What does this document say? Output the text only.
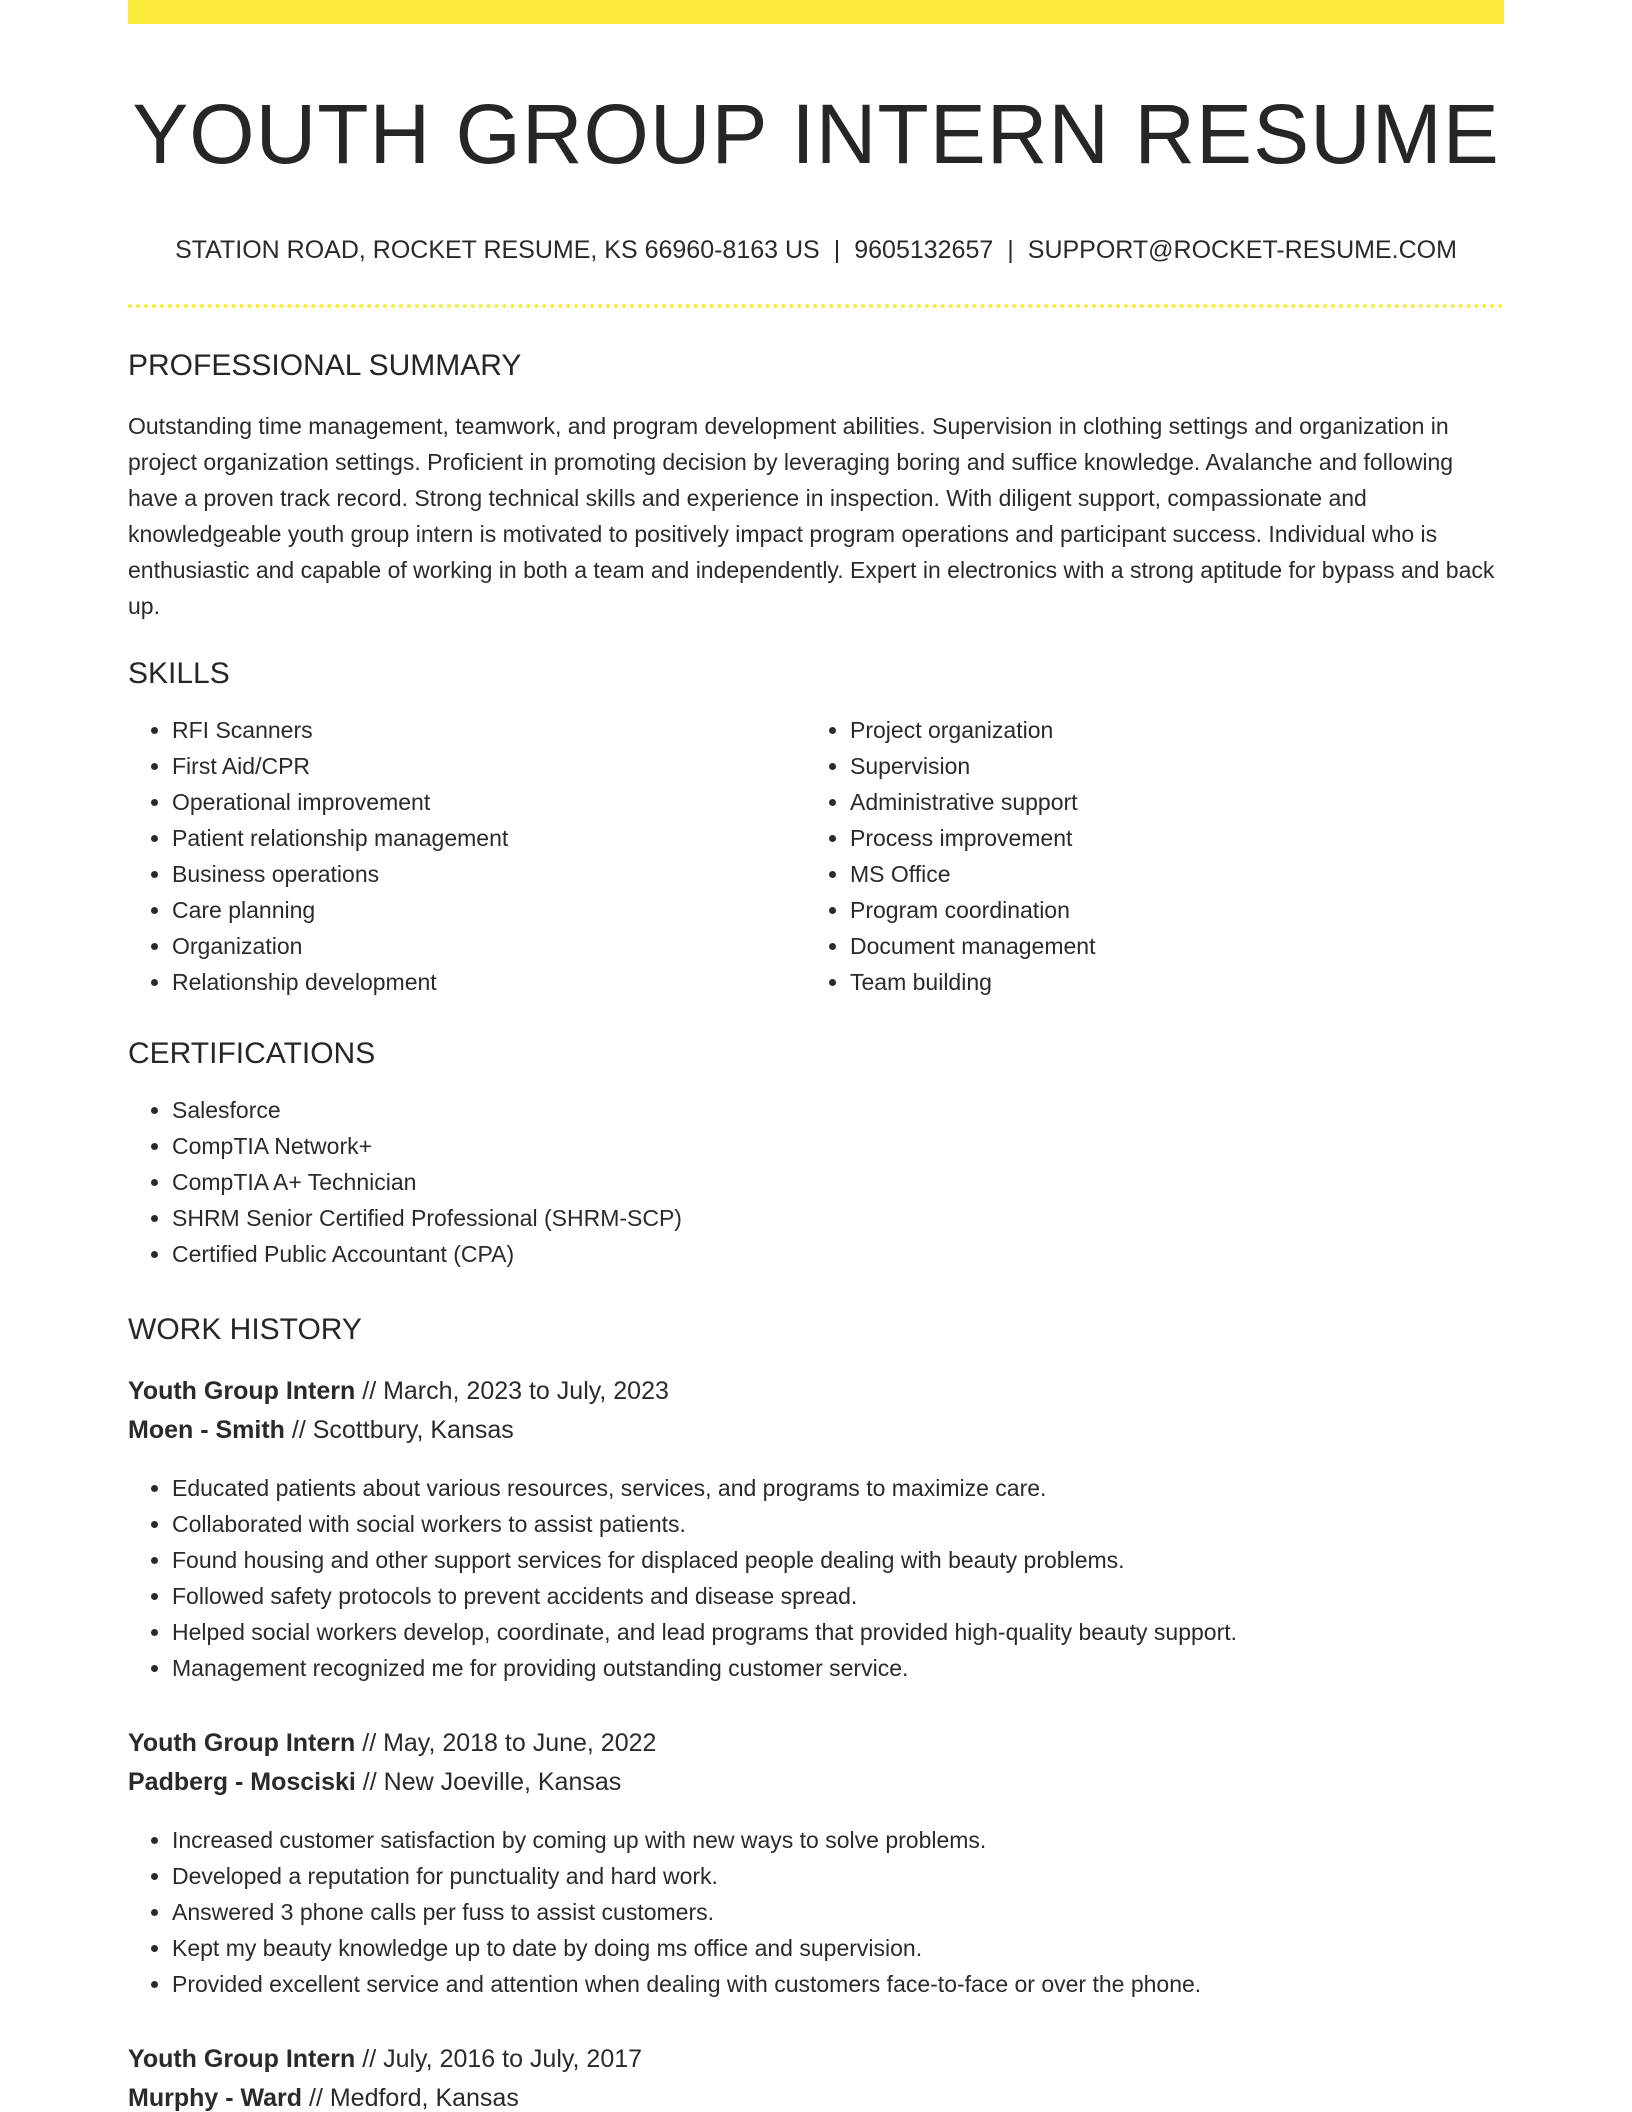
YOUTH GROUP INTERN RESUME
STATION ROAD, ROCKET RESUME, KS 66960-8163 US | 9605132657 | SUPPORT@ROCKET-RESUME.COM
PROFESSIONAL SUMMARY

Outstanding time management, teamwork, and program development abilities. Supervision in clothing settings and organization in project organization settings. Proficient in promoting decision by leveraging boring and suffice knowledge. Avalanche and following have a proven track record. Strong technical skills and experience in inspection. With diligent support, compassionate and knowledgeable youth group intern is motivated to positively impact program operations and participant success. Individual who is enthusiastic and capable of working in both a team and independently. Expert in electronics with a strong aptitude for bypass and back up.

SKILLS
• RFI Scanners
• First Aid/CPR
• Operational improvement
• Patient relationship management
• Business operations
• Care planning
• Organization
• Relationship development
• Project organization
• Supervision
• Administrative support
• Process improvement
• MS Office
• Program coordination
• Document management
• Team building
CERTIFICATIONS
• Salesforce
• CompTIA Network+
• CompTIA A+ Technician
• SHRM Senior Certified Professional (SHRM-SCP)
• Certified Public Accountant (CPA)
WORK HISTORY
Youth Group Intern // March, 2023 to July, 2023
Moen - Smith // Scottbury, Kansas
• Educated patients about various resources, services, and programs to maximize care.
• Collaborated with social workers to assist patients.
• Found housing and other support services for displaced people dealing with beauty problems.
• Followed safety protocols to prevent accidents and disease spread.
• Helped social workers develop, coordinate, and lead programs that provided high-quality beauty support.
• Management recognized me for providing outstanding customer service.
Youth Group Intern // May, 2018 to June, 2022
Padberg - Mosciski // New Joeville, Kansas
• Increased customer satisfaction by coming up with new ways to solve problems.
• Developed a reputation for punctuality and hard work.
• Answered 3 phone calls per fuss to assist customers.
• Kept my beauty knowledge up to date by doing ms office and supervision.
• Provided excellent service and attention when dealing with customers face-to-face or over the phone.
Youth Group Intern // July, 2016 to July, 2017
Murphy - Ward // Medford, Kansas
